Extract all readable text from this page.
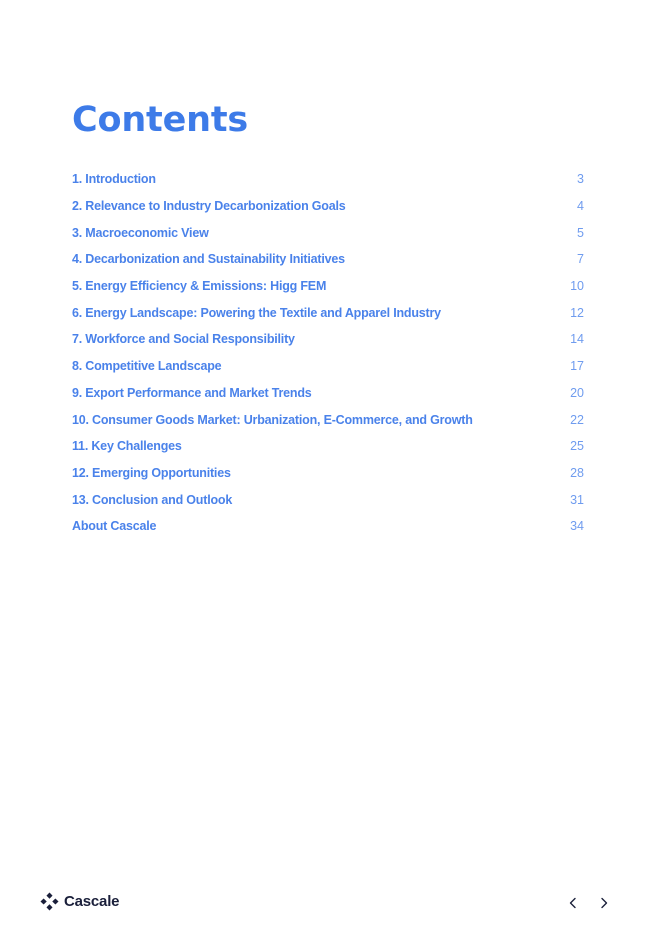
Contents
1. Introduction	3
2. Relevance to Industry Decarbonization Goals	4
3. Macroeconomic View	5
4. Decarbonization and Sustainability Initiatives	7
5. Energy Efficiency & Emissions: Higg FEM	10
6. Energy Landscape: Powering the Textile and Apparel Industry	12
7. Workforce and Social Responsibility	14
8. Competitive Landscape	17
9. Export Performance and Market Trends	20
10. Consumer Goods Market: Urbanization, E-Commerce, and Growth	22
11. Key Challenges	25
12. Emerging Opportunities	28
13. Conclusion and Outlook	31
About Cascale	34
Cascale
